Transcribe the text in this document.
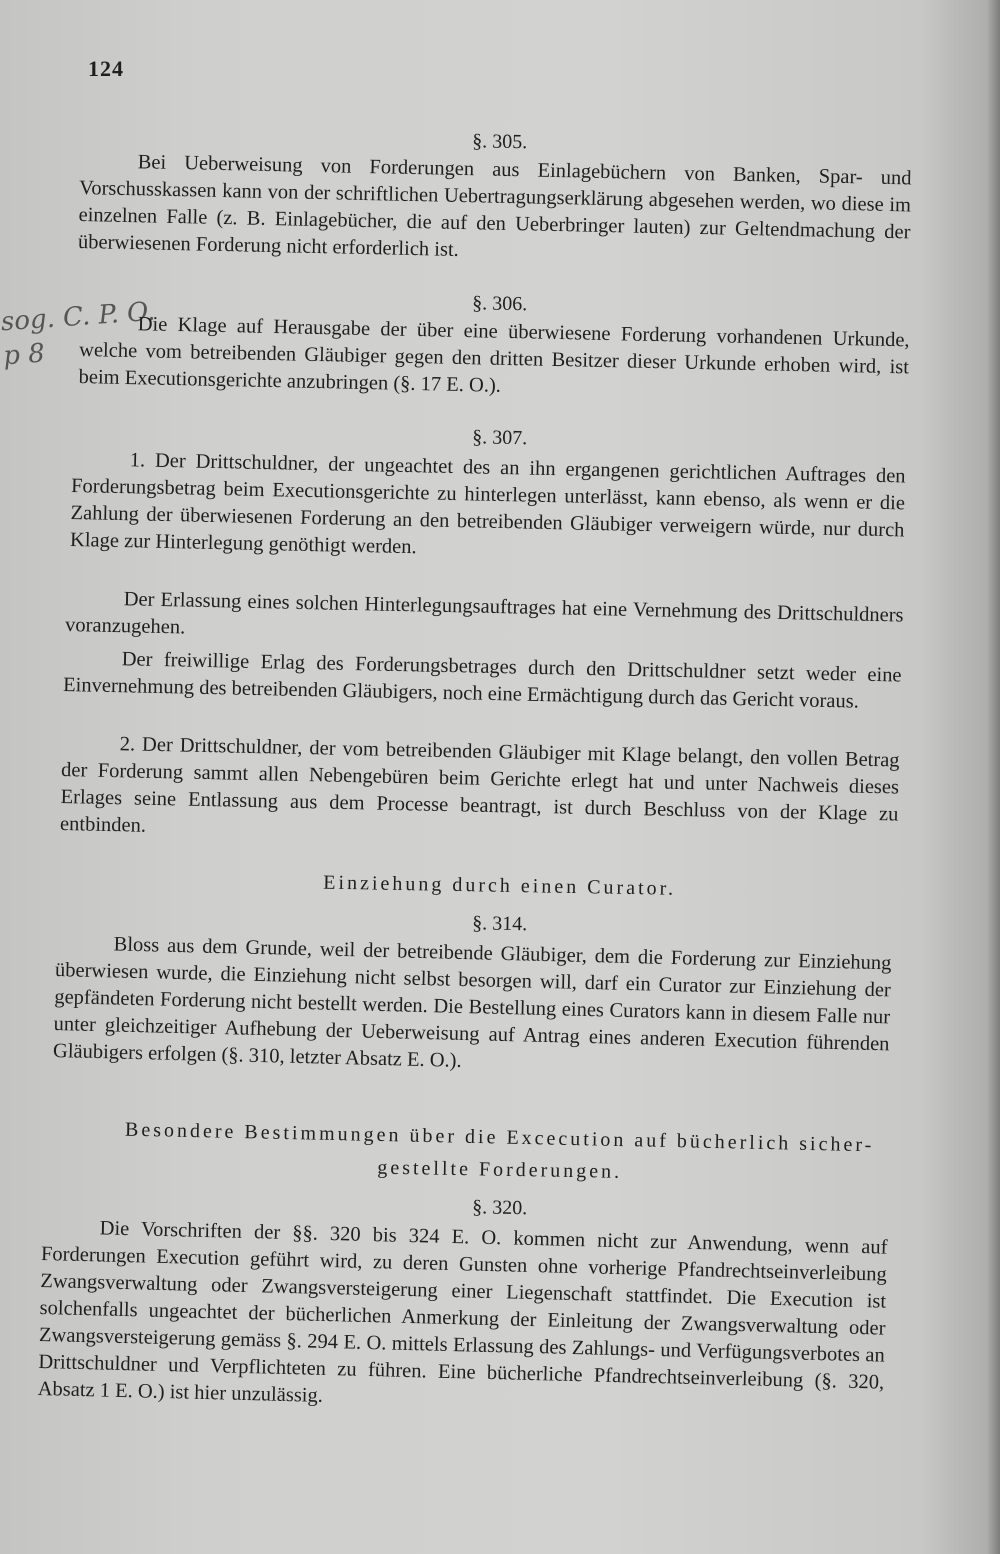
124
sog. C. P. O.
p 8
§. 305.

Bei Ueberweisung von Forderungen aus Einlagebüchern von Banken, Spar- und Vorschusskassen kann von der schriftlichen Uebertragungserklärung abgesehen werden, wo diese im einzelnen Falle (z. B. Einlagebücher, die auf den Ueberbringer lauten) zur Geltendmachung der überwiesenen Forderung nicht erforderlich ist.

§. 306.

Die Klage auf Herausgabe der über eine überwiesene Forderung vorhandenen Urkunde, welche vom betreibenden Gläubiger gegen den dritten Besitzer dieser Urkunde erhoben wird, ist beim Executionsgerichte anzubringen (§. 17 E. O.).

§. 307.

1. Der Drittschuldner, der ungeachtet des an ihn ergangenen gerichtlichen Auftrages den Forderungsbetrag beim Executionsgerichte zu hinterlegen unterlässt, kann ebenso, als wenn er die Zahlung der überwiesenen Forderung an den betreibenden Gläubiger verweigern würde, nur durch Klage zur Hinterlegung genöthigt werden.

Der Erlassung eines solchen Hinterlegungsauftrages hat eine Vernehmung des Drittschuldners voranzugehen.

Der freiwillige Erlag des Forderungsbetrages durch den Drittschuldner setzt weder eine Einvernehmung des betreibenden Gläubigers, noch eine Ermächtigung durch das Gericht voraus.

2. Der Drittschuldner, der vom betreibenden Gläubiger mit Klage belangt, den vollen Betrag der Forderung sammt allen Nebengebüren beim Gerichte erlegt hat und unter Nachweis dieses Erlages seine Entlassung aus dem Processe beantragt, ist durch Beschluss von der Klage zu entbinden.

Einziehung durch einen Curator.
§. 314.

Bloss aus dem Grunde, weil der betreibende Gläubiger, dem die Forderung zur Einziehung überwiesen wurde, die Einziehung nicht selbst besorgen will, darf ein Curator zur Einziehung der gepfändeten Forderung nicht bestellt werden. Die Bestellung eines Curators kann in diesem Falle nur unter gleichzeitiger Aufhebung der Ueberweisung auf Antrag eines anderen Execution führenden Gläubigers erfolgen (§. 310, letzter Absatz E. O.).

Besondere Bestimmungen über die Excecution auf bücherlich sicher-
gestellte Forderungen.
§. 320.

Die Vorschriften der §§. 320 bis 324 E. O. kommen nicht zur Anwendung, wenn auf Forderungen Execution geführt wird, zu deren Gunsten ohne vorherige Pfandrechtseinverleibung Zwangsverwaltung oder Zwangsversteigerung einer Liegenschaft stattfindet. Die Execution ist solchenfalls ungeachtet der bücherlichen Anmerkung der Einleitung der Zwangsverwaltung oder Zwangsversteigerung gemäss §. 294 E. O. mittels Erlassung des Zahlungs- und Verfügungsverbotes an Drittschuldner und Verpflichteten zu führen. Eine bücherliche Pfandrechtseinverleibung (§. 320, Absatz 1 E. O.) ist hier unzulässig.
